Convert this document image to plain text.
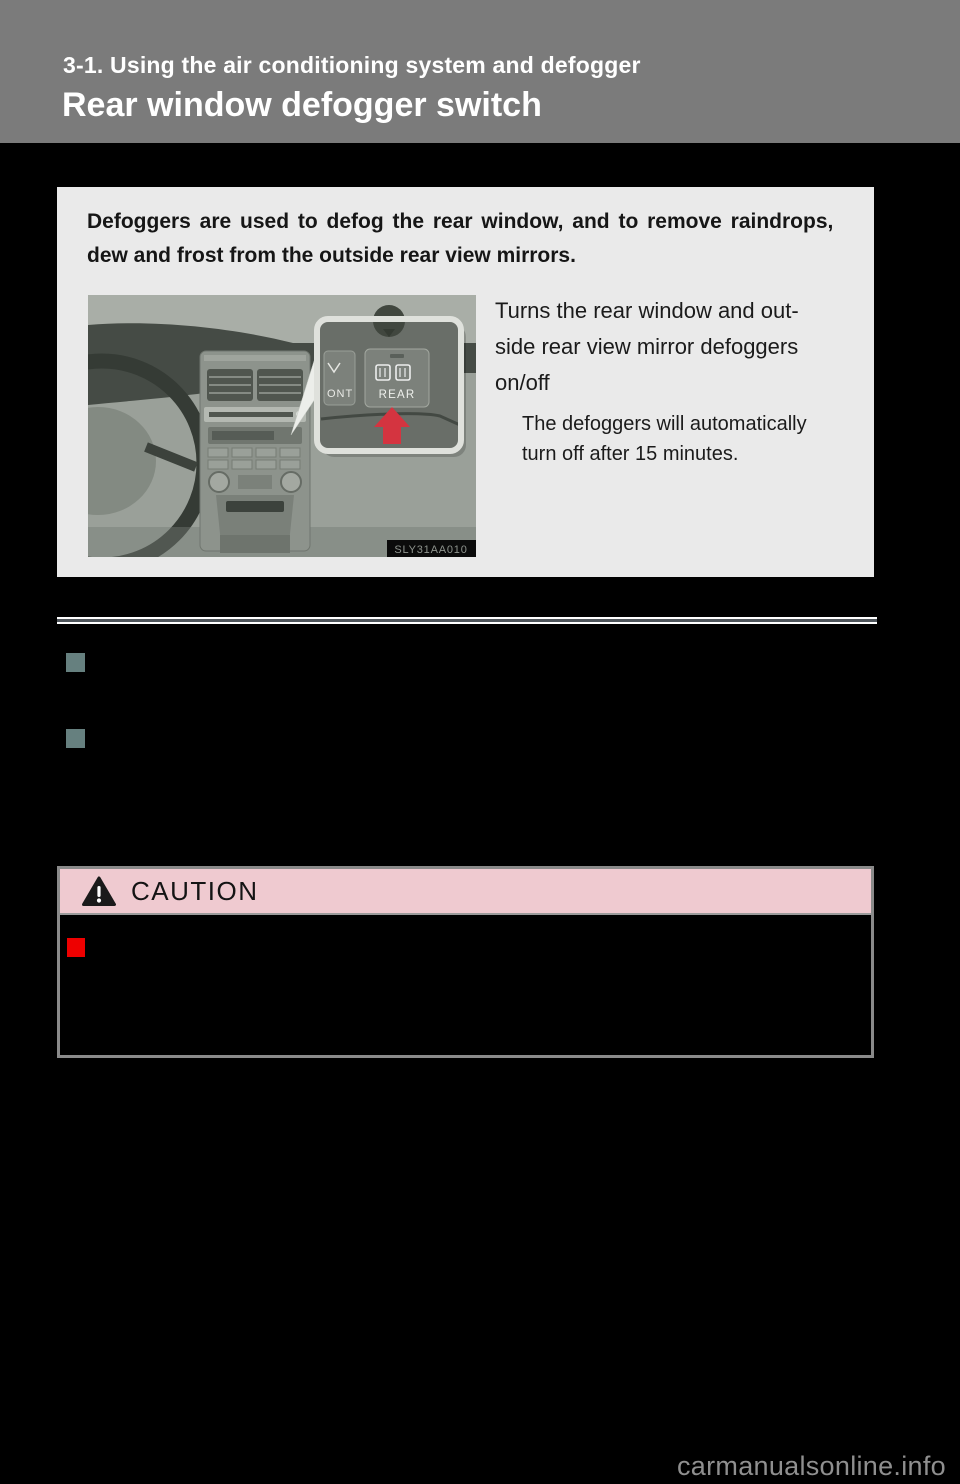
3-1. Using the air conditioning system and defogger
Rear window defogger switch
Defoggers are used to defog the rear window, and to remove raindrops,
dew and frost from the outside rear view mirrors.
ONT REAR
SLY31AA010
Turns the rear window and out-
side rear view mirror defoggers
on/off
The defoggers will automatically
turn off after 15 minutes.
CAUTION
carmanualsonline.info
